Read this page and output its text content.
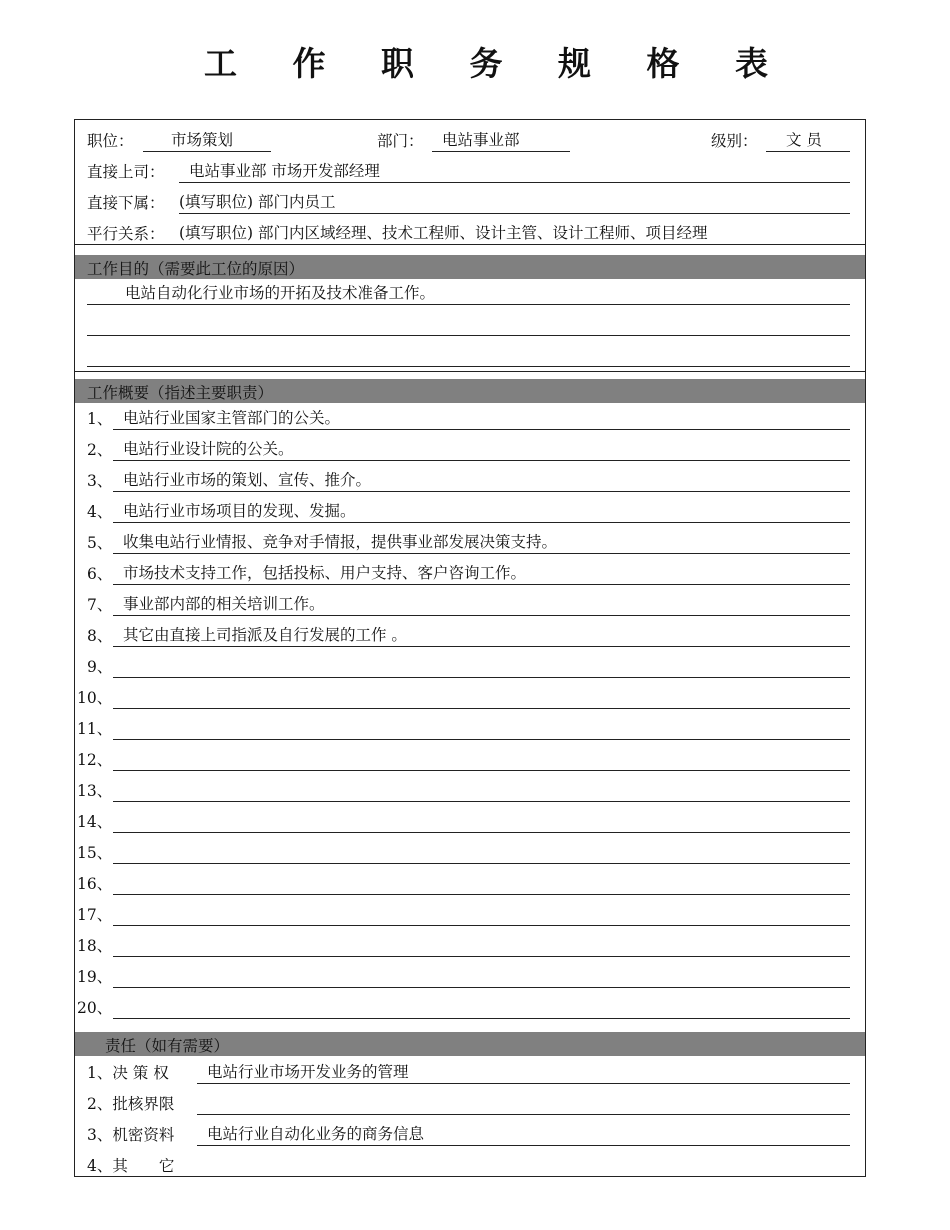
工 作 职 务 规 格 表
职位： 市场策划	部门： 电站事业部	级别： 文 员
直接上司： 电站事业部 市场开发部经理
直接下属： (填写职位) 部门内员工
平行关系： (填写职位) 部门内区域经理、技术工程师、设计主管、设计工程师、项目经理
工作目的（需要此工位的原因）
电站自动化行业市场的开拓及技术准备工作。
工作概要（指述主要职责）
1、 电站行业国家主管部门的公关。
2、 电站行业设计院的公关。
3、 电站行业市场的策划、宣传、推介。
4、 电站行业市场项目的发现、发掘。
5、 收集电站行业情报、竞争对手情报，提供事业部发展决策支持。
6、 市场技术支持工作，包括投标、用户支持、客户咨询工作。
7、 事业部内部的相关培训工作。
8、 其它由直接上司指派及自行发展的工作 。
9、
10、
11、
12、
13、
14、
15、
16、
17、
18、
19、
20、
责任（如有需要）
1、决 策 权 电站行业市场开发业务的管理
2、批核界限
3、机密资料 电站行业自动化业务的商务信息
4、其　　它
